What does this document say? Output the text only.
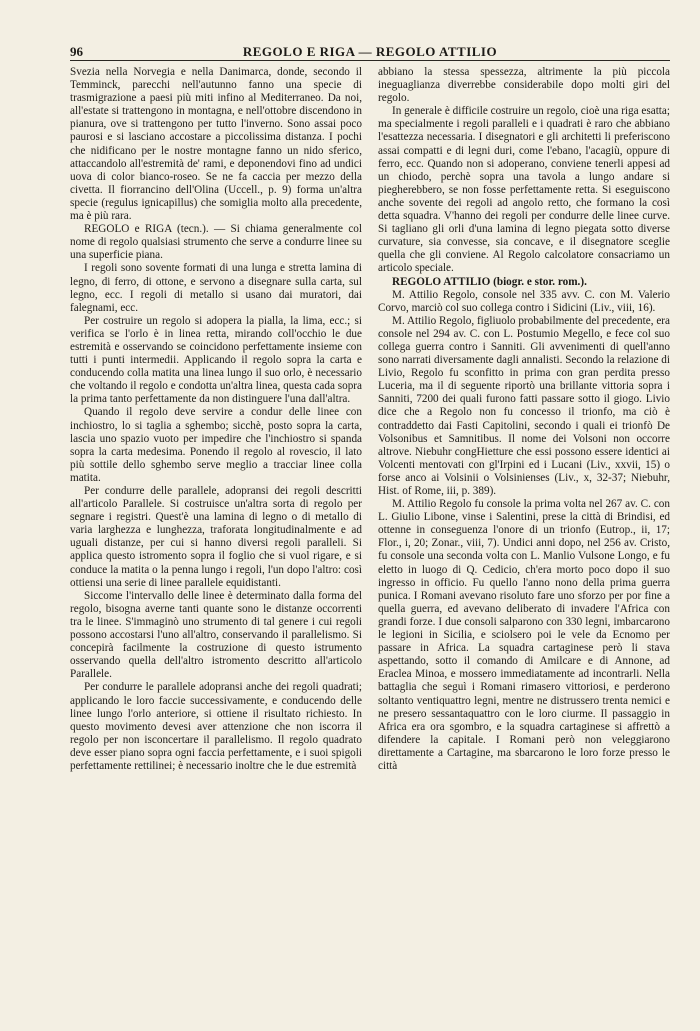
96	REGOLO E RIGA — REGOLO ATTILIO

Svezia nella Norvegia e nella Danimarca, donde, secondo il Temminck, parecchi nell'autunno fanno una specie di trasmigrazione a paesi più miti infino al Mediterraneo. Da noi, all'estate si trattengono in montagna, e nell'ottobre discendono in pianura, ove si trattengono per tutto l'inverno. Sono assai poco paurosi e si lasciano accostare a piccolissima distanza. I pochi che nidificano per le nostre montagne fanno un nido sferico, attaccandolo all'estremità de' rami, e deponendovi fino ad undici uova di color bianco-roseo. Se ne fa caccia per mezzo della civetta. Il fiorrancino dell'Olina (Uccell., p. 9) forma un'altra specie (regulus ignicapillus) che somiglia molto alla precedente, ma è più rara.

REGOLO e RIGA (tecn.). — Si chiama generalmente col nome di regolo qualsiasi strumento che serve a condurre linee su una superficie piana.

I regoli sono sovente formati di una lunga e stretta lamina di legno, di ferro, di ottone, e servono a disegnare sulla carta, sul legno, ecc. I regoli di metallo si usano dai muratori, dai falegnami, ecc.

Per costruire un regolo si adopera la pialla, la lima, ecc.; si verifica se l'orlo è in linea retta, mirando coll'occhio le due estremità e osservando se coincidono perfettamente insieme con tutti i punti intermedii. Applicando il regolo sopra la carta e conducendo colla matita una linea lungo il suo orlo, è necessario che voltando il regolo e condotta un'altra linea, questa cada sopra la prima tanto perfettamente da non distinguere l'una dall'altra.

Quando il regolo deve servire a condur delle linee con inchiostro, lo si taglia a sghembo; sicchè, posto sopra la carta, lascia uno spazio vuoto per impedire che l'inchiostro si spanda sopra la carta medesima. Ponendo il regolo al rovescio, il lato più sottile dello sghembo serve meglio a tracciar linee colla matita.

Per condurre delle parallele, adopransi dei regoli descritti all'articolo Parallele. Si costruisce un'altra sorta di regolo per segnare i registri. Quest'è una lamina di legno o di metallo di varia larghezza e lunghezza, traforata longitudinalmente e ad uguali distanze, per cui si hanno diversi regoli paralleli. Si applica questo istromento sopra il foglio che si vuol rigare, e si conduce la matita o la penna lungo i regoli, l'un dopo l'altro: così ottiensi una serie di linee parallele equidistanti.

Siccome l'intervallo delle linee è determinato dalla forma del regolo, bisogna averne tanti quante sono le distanze occorrenti tra le linee. S'immaginò uno strumento di tal genere i cui regoli possono accostarsi l'uno all'altro, conservando il parallelismo. Si concepirà facilmente la costruzione di questo istrumento osservando quella dell'altro istromento descritto all'articolo Parallele.

Per condurre le parallele adopransi anche dei regoli quadrati; applicando le loro faccie successivamente, e conducendo delle linee lungo l'orlo anteriore, si ottiene il risultato richiesto. In questo movimento devesi aver attenzione che non iscorra il regolo per non isconcertare il parallelismo. Il regolo quadrato deve esser piano sopra ogni faccia perfettamente, e i suoi spigoli perfettamente rettilinei; è necessario inoltre che le due estremità

abbiano la stessa spessezza, altrimente la più piccola ineguaglianza diverrebbe considerabile dopo molti giri del regolo.

In generale è difficile costruire un regolo, cioè una riga esatta; ma specialmente i regoli paralleli e i quadrati è raro che abbiano l'esattezza necessaria. I disegnatori e gli architetti li preferiscono assai compatti e di legni duri, come l'ebano, l'acagiù, oppure di ferro, ecc. Quando non si adoperano, conviene tenerli appesi ad un chiodo, perchè sopra una tavola a lungo andare si piegherebbero, se non fosse perfettamente retta. Si eseguiscono anche sovente dei regoli ad angolo retto, che formano la così detta squadra. V'hanno dei regoli per condurre delle linee curve. Si tagliano gli orli d'una lamina di legno piegata sotto diverse curvature, sia convesse, sia concave, e il disegnatore sceglie quella che gli conviene. Al Regolo calcolatore consacriamo un articolo speciale.

REGOLO ATTILIO (biogr. e stor. rom.).

M. Attilio Regolo, console nel 335 avv. C. con M. Valerio Corvo, marciò col suo collega contro i Sidicini (Liv., viii, 16).

M. Attilio Regolo, figliuolo probabilmente del precedente, era console nel 294 av. C. con L. Postumio Megello, e fece col suo collega guerra contro i Sanniti. Gli avvenimenti di quell'anno sono narrati diversamente dagli annalisti. Secondo la relazione di Livio, Regolo fu sconfitto in prima con gran perdita presso Luceria, ma il di seguente riportò una brillante vittoria sopra i Sanniti, 7200 dei quali furono fatti passare sotto il giogo. Livio dice che a Regolo non fu concesso il trionfo, ma ciò è contraddetto dai Fasti Capitolini, secondo i quali ei trionfò De Volsonibus et Samnitibus. Il nome dei Volsoni non occorre altrove. Niebuhr congHietture che essi possono essere identici ai Volcenti mentovati con gl'Irpini ed i Lucani (Liv., xxvii, 15) o forse anco ai Volsinii o Volsinienses (Liv., x, 32-37; Niebuhr, Hist. of Rome, iii, p. 389).

M. Attilio Regolo fu console la prima volta nel 267 av. C. con L. Giulio Libone, vinse i Salentini, prese la città di Brindisi, ed ottenne in conseguenza l'onore di un trionfo (Eutrop., ii, 17; Flor., i, 20; Zonar., viii, 7). Undici anni dopo, nel 256 av. Cristo, fu console una seconda volta con L. Manlio Vulsone Longo, e fu eletto in luogo di Q. Cedicio, ch'era morto poco dopo il suo ingresso in officio. Fu quello l'anno nono della prima guerra punica. I Romani avevano risoluto fare uno sforzo per por fine a quella guerra, ed avevano deliberato di invadere l'Africa con grandi forze. I due consoli salparono con 330 legni, imbarcarono le legioni in Sicilia, e sciolsero poi le vele da Ecnomo per passare in Africa. La squadra cartaginese però li stava aspettando, sotto il comando di Amilcare e di Annone, ad Eraclea Minoa, e mossero immediatamente ad incontrarli. Nella battaglia che seguì i Romani rimasero vittoriosi, e perderono soltanto ventiquattro legni, mentre ne distrussero trenta nemici e ne presero sessantaquattro con le loro ciurme. Il passaggio in Africa era ora sgombro, e la squadra cartaginese si affrettò a difendere la capitale. I Romani però non veleggiarono direttamente a Cartagine, ma sbarcarono le loro forze presso le città
